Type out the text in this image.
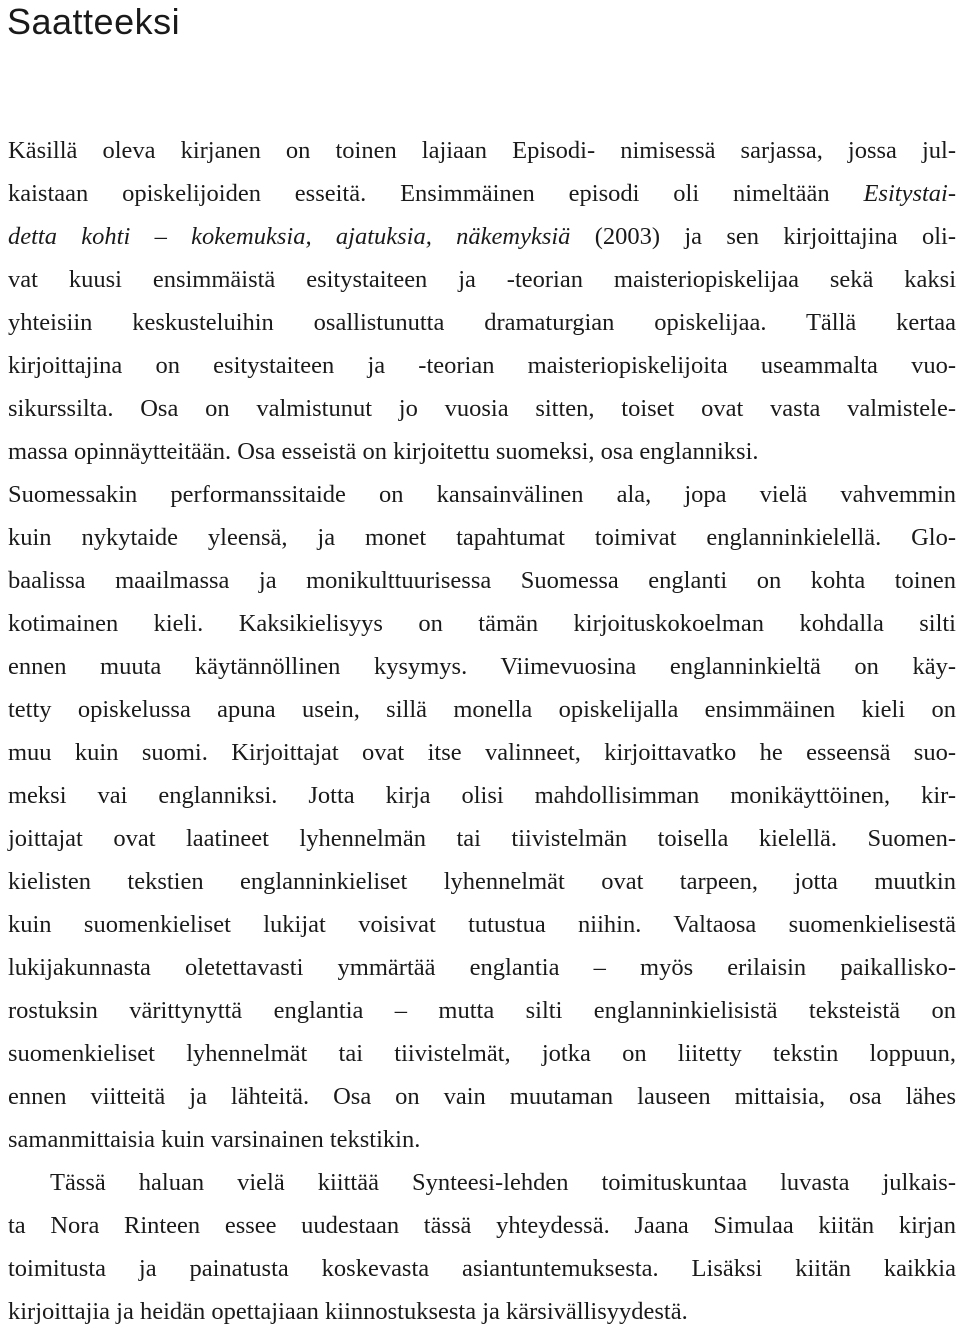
Saatteeksi
Käsillä oleva kirjanen on toinen lajiaan Episodi- nimisessä sarjassa, jossa jul-
kaistaan opiskelijoiden esseitä. Ensimmäinen episodi oli nimeltään Esitystai-
detta kohti – kokemuksia, ajatuksia, näkemyksiä (2003) ja sen kirjoittajina oli-
vat kuusi ensimmäistä esitystaiteen ja -teorian maisteriopiskelijaa sekä kaksi
yhteisiin keskusteluihin osallistunutta dramaturgian opiskelijaa. Tällä kertaa
kirjoittajina on esitystaiteen ja -teorian maisteriopiskelijoita useammalta vuo-
sikurssilta. Osa on valmistunut jo vuosia sitten, toiset ovat vasta valmistele-
massa opinnäytteitään. Osa esseistä on kirjoitettu suomeksi, osa englanniksi.
Suomessakin performanssitaide on kansainvälinen ala, jopa vielä vahvemmin
kuin nykytaide yleensä, ja monet tapahtumat toimivat englanninkielellä. Glo-
baalissa maailmassa ja monikulttuurisessa Suomessa englanti on kohta toinen
kotimainen kieli. Kaksikielisyys on tämän kirjoituskokoelman kohdalla silti
ennen muuta käytännöllinen kysymys. Viimevuosina englanninkieltä on käy-
tetty opiskelussa apuna usein, sillä monella opiskelijalla ensimmäinen kieli on
muu kuin suomi. Kirjoittajat ovat itse valinneet, kirjoittavatko he esseensä suo-
meksi vai englanniksi. Jotta kirja olisi mahdollisimman monikäyttöinen, kir-
joittajat ovat laatineet lyhennelmän tai tiivistelmän toisella kielellä. Suomen-
kielisten tekstien englanninkieliset lyhennelmät ovat tarpeen, jotta muutkin
kuin suomenkieliset lukijat voisivat tutustua niihin. Valtaosa suomenkielisestä
lukijakunnasta oletettavasti ymmärtää englantia – myös erilaisin paikallisko-
rostuksin värittynyttä englantia – mutta silti englanninkielisistä teksteistä on
suomenkieliset lyhennelmät tai tiivistelmät, jotka on liitetty tekstin loppuun,
ennen viitteitä ja lähteitä. Osa on vain muutaman lauseen mittaisia, osa lähes
samanmittaisia kuin varsinainen tekstikin.
Tässä haluan vielä kiittää Synteesi-lehden toimituskuntaa luvasta julkais-
ta Nora Rinteen essee uudestaan tässä yhteydessä. Jaana Simulaa kiitän kirjan
toimitusta ja painatusta koskevasta asiantuntemuksesta. Lisäksi kiitän kaikkia
kirjoittajia ja heidän opettajiaan kiinnostuksesta ja kärsivällisyydestä.
